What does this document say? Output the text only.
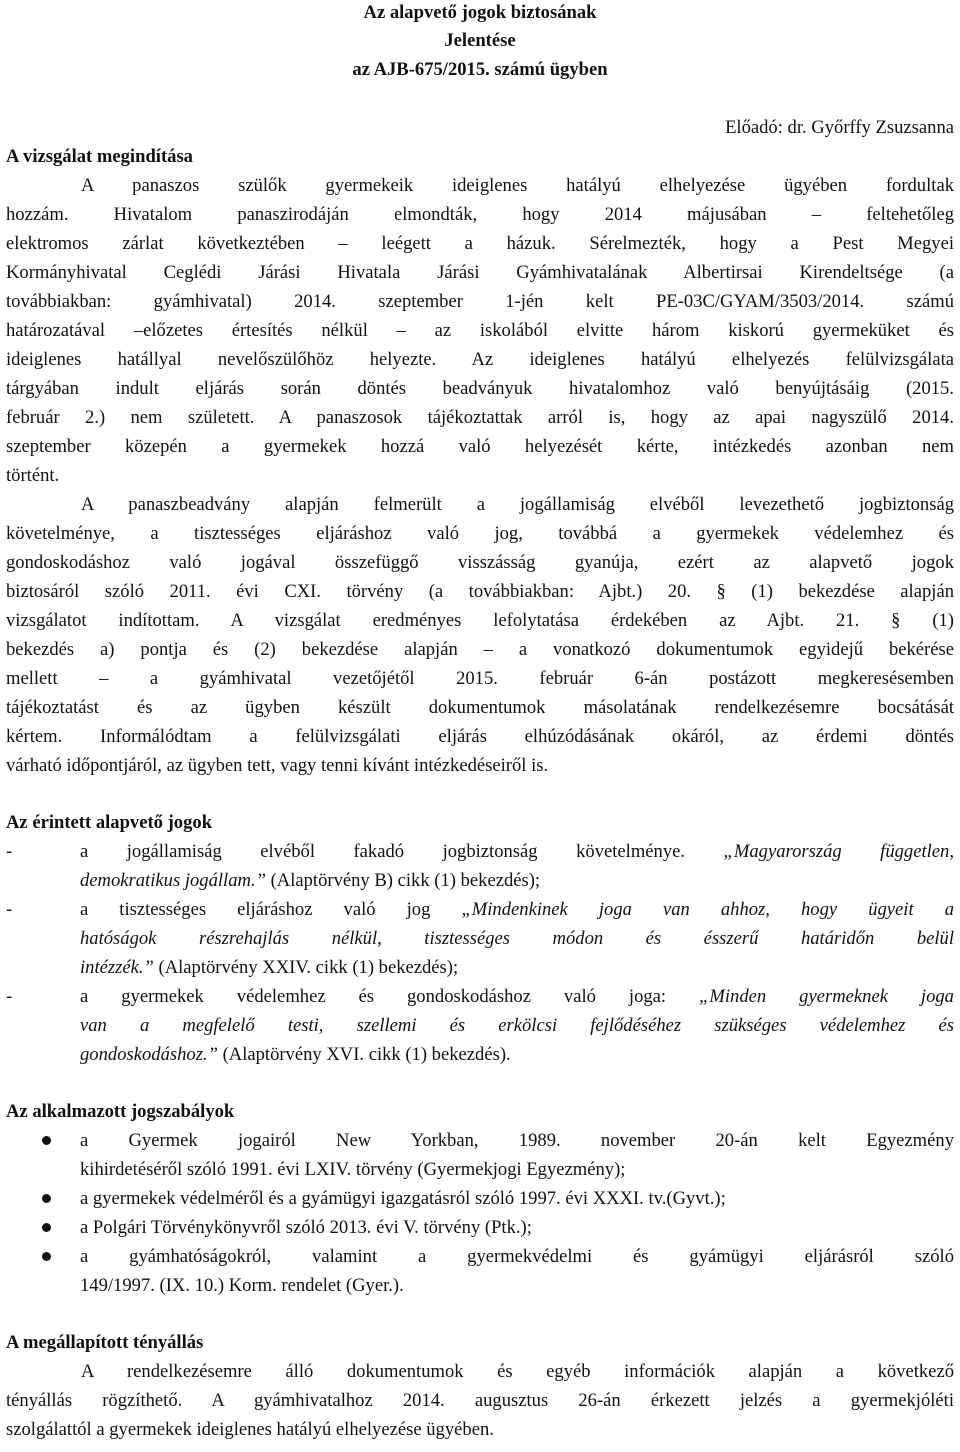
Az alapvető jogok biztosának
Jelentése
az AJB-675/2015. számú ügyben
Előadó: dr. Győrffy Zsuzsanna
A vizsgálat megindítása
A panaszos szülők gyermekeik ideiglenes hatályú elhelyezése ügyében fordultak
hozzám. Hivatalom panaszirodáján elmondták, hogy 2014 májusában – feltehetőleg
elektromos zárlat következtében – leégett a házuk. Sérelmezték, hogy a Pest Megyei
Kormányhivatal Ceglédi Járási Hivatala Járási Gyámhivatalának Albertirsai Kirendeltsége (a
továbbiakban: gyámhivatal) 2014. szeptember 1-jén kelt PE-03C/GYAM/3503/2014. számú
határozatával –előzetes értesítés nélkül – az iskolából elvitte három kiskorú gyermeküket és
ideiglenes hatállyal nevelőszülőhöz helyezte. Az ideiglenes hatályú elhelyezés felülvizsgálata
tárgyában indult eljárás során döntés beadványuk hivatalomhoz való benyújtásáig (2015.
február 2.) nem született. A panaszosok tájékoztattak arról is, hogy az apai nagyszülő 2014.
szeptember közepén a gyermekek hozzá való helyezését kérte, intézkedés azonban nem
történt.
A panaszbeadvány alapján felmerült a jogállamiság elvéből levezethető jogbiztonság
követelménye, a tisztességes eljáráshoz való jog, továbbá a gyermekek védelemhez és
gondoskodáshoz való jogával összefüggő visszásság gyanúja, ezért az alapvető jogok
biztosáról szóló 2011. évi CXI. törvény (a továbbiakban: Ajbt.) 20. § (1) bekezdése alapján
vizsgálatot indítottam. A vizsgálat eredményes lefolytatása érdekében az Ajbt. 21. § (1)
bekezdés a) pontja és (2) bekezdése alapján – a vonatkozó dokumentumok egyidejű bekérése
mellett – a gyámhivatal vezetőjétől 2015. február 6-án postázott megkeresésemben
tájékoztatást és az ügyben készült dokumentumok másolatának rendelkezésemre bocsátását
kértem. Informálódtam a felülvizsgálati eljárás elhúzódásának okáról, az érdemi döntés
várható időpontjáról, az ügyben tett, vagy tenni kívánt intézkedéseiről is.
Az érintett alapvető jogok
-	a jogállamiság elvéből fakadó jogbiztonság követelménye. „Magyarország független,
demokratikus jogállam.” (Alaptörvény B) cikk (1) bekezdés);
-	a tisztességes eljáráshoz való jog „Mindenkinek joga van ahhoz, hogy ügyeit a
hatóságok részrehajlás nélkül, tisztességes módon és ésszerű határidőn belül
intézzék.” (Alaptörvény XXIV. cikk (1) bekezdés);
-	a gyermekek védelemhez és gondoskodáshoz való joga: „Minden gyermeknek joga
van a megfelelő testi, szellemi és erkölcsi fejlődéséhez szükséges védelemhez és
gondoskodáshoz.” (Alaptörvény XVI. cikk (1) bekezdés).
Az alkalmazott jogszabályok
a Gyermek jogairól New Yorkban, 1989. november 20-án kelt Egyezmény
kihirdetéséről szóló 1991. évi LXIV. törvény (Gyermekjogi Egyezmény);
a gyermekek védelméről és a gyámügyi igazgatásról szóló 1997. évi XXXI. tv.(Gyvt.);
a Polgári Törvénykönyvről szóló 2013. évi V. törvény (Ptk.);
a gyámhatóságokról, valamint a gyermekvédelmi és gyámügyi eljárásról szóló
149/1997. (IX. 10.) Korm. rendelet (Gyer.).
A megállapított tényállás
A rendelkezésemre álló dokumentumok és egyéb információk alapján a következő
tényállás rögzíthető. A gyámhivatalhoz 2014. augusztus 26-án érkezett jelzés a gyermekjóléti
szolgálattól a gyermekek ideiglenes hatályú elhelyezése ügyében.
